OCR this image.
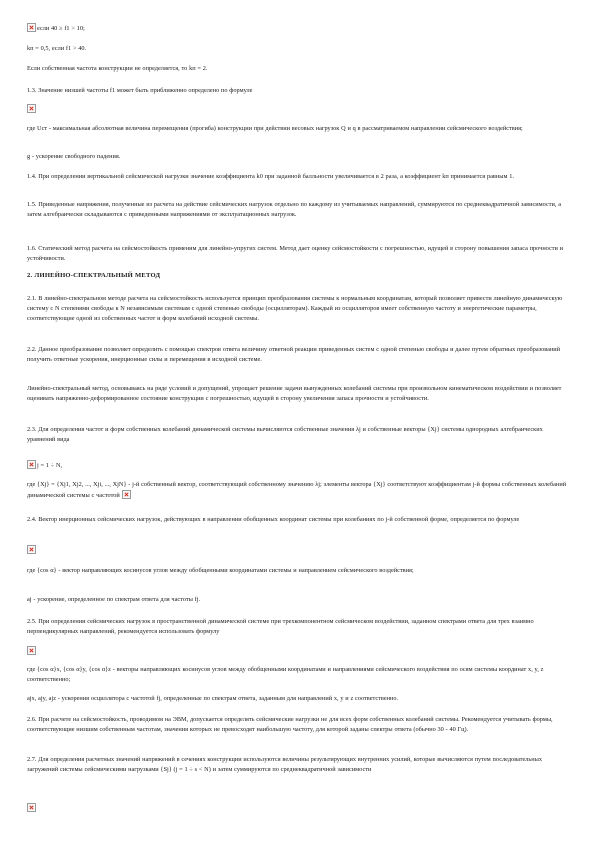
если 40 ≥ f1 > 10;

kп = 0,5, если f1 > 40.

Если собственная частота конструкции не определяется, то kп = 2.

1.3. Значение низшей частоты f1 может быть приближенно определено по формуле

где Ucт - максимальная абсолютная величина перемещения (прогиба) конструкции при действии весовых нагрузок Q и q в рассматриваемом направлении сейсмического воздействия;

g - ускорение свободного падения.

1.4. При определении вертикальной сейсмической нагрузки значение коэффициента k0 при заданной балльности увеличивается в 2 раза, а коэффициент kп принимается равным 1.

1.5. Приведенные напряжения, полученные из расчета на действие сейсмических нагрузок отдельно по каждому из учитываемых направлений, суммируются по среднеквадратичной зависимости, а затем алгебраически складываются с приведенными напряжениями от эксплуатационных нагрузок.

1.6. Статический метод расчета на сейсмостойкость применим для линейно-упругих систем. Метод дает оценку сейсмостойкости с погрешностью, идущей в сторону повышения запаса прочности и устойчивости.

2. ЛИНЕЙНО-СПЕКТРАЛЬНЫЙ МЕТОД

2.1. В линейно-спектральном методе расчета на сейсмостойкость используется принцип преобразования системы к нормальным координатам, который позволяет привести линейную динамическую систему с N степенями свободы к N независимым системам с одной степенью свободы (осцилляторам). Каждый из осцилляторов имеет собственную частоту и энергетические параметры, соответствующие одной из собственных частот и форм колебаний исходной системы.

2.2. Данное преобразование позволяет определить с помощью спектров ответа величину ответной реакции приведенных систем с одной степенью свободы и далее путем обратных преобразований получить ответные ускорения, инерционные силы и перемещения в исходной системе.

Линейно-спектральный метод, основываясь на ряде условий и допущений, упрощает решение задачи вынужденных колебаний системы при произвольном кинематическом воздействии и позволяет оценивать напряженно-деформированное состояние конструкции с погрешностью, идущей в сторону увеличения запаса прочности и устойчивости.

2.3. Для определения частот и форм собственных колебаний динамической системы вычисляются собственные значения λj и собственные векторы {Xj} системы однородных алгебраических уравнений вида

j = 1 ÷ N,

где {Xj} = {Xj1, Xj2, ..., Xji, ..., XjN} - j-й собственный вектор, соответствующий собственному значению λj; элементы вектора {Xj} соответствуют коэффициентам j-й формы собственных колебаний динамической системы с частотой

2.4. Вектор инерционных сейсмических нагрузок, действующих в направлении обобщенных координат системы при колебаниях по j-й собственной форме, определяется по формуле

где {cos α} - вектор направляющих косинусов углов между обобщенными координатами системы и направлением сейсмического воздействия;

aj - ускорение, определенное по спектрам ответа для частоты fj.

2.5. При определении сейсмических нагрузок в пространственной динамической системе при трехкомпонентном сейсмическом воздействии, заданном спектрами ответа для трех взаимно перпендикулярных направлений, рекомендуется использовать формулу

где {cos α}x, {cos α}y, {cos α}z - векторы направляющих косинусов углов между обобщенными координатами и направлениями сейсмического воздействия по осям системы координат x, y, z соответственно;

ajx, ajy, ajz - ускорения осциллятора с частотой fj, определенные по спектрам ответа, заданным для направлений x, y и z соответственно.

2.6. При расчете на сейсмостойкость, проводимом на ЭВМ, допускается определять сейсмические нагрузки не для всех форм собственных колебаний системы. Рекомендуется учитывать формы, соответствующие низшим собственным частотам, значения которых не превосходят наибольшую частоту, для которой заданы спектры ответа (обычно 30 - 40 Гц).

2.7. Для определения расчетных значений напряжений в сечениях конструкции используются величины результирующих внутренних усилий, которые вычисляются путем последовательных загружений системы сейсмическими нагрузками {Sj} (j = 1 ÷ s < N) и затем суммируются по среднеквадратичной зависимости
